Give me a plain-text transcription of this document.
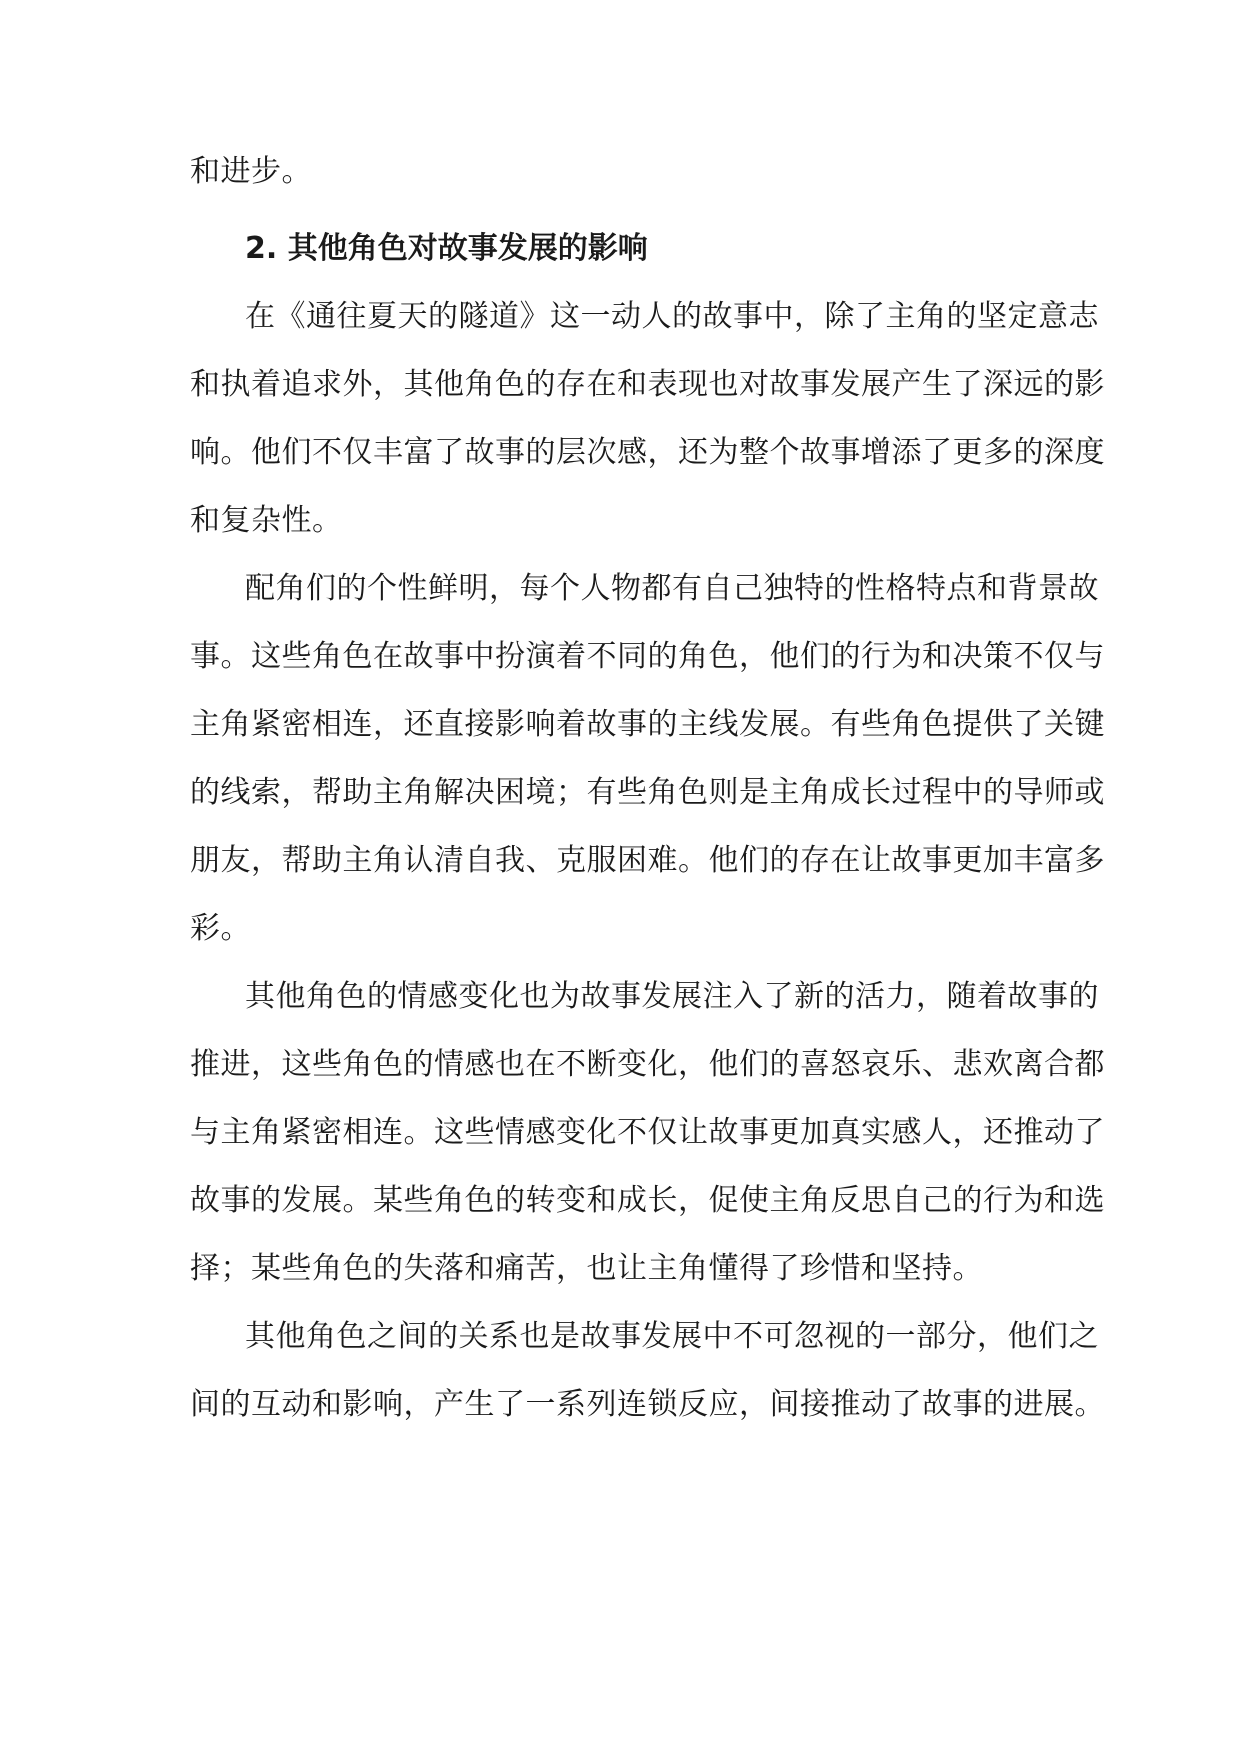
和进步。
2. 其他角色对故事发展的影响
在《通往夏天的隧道》这一动人的故事中，除了主角的坚定意志
和执着追求外，其他角色的存在和表现也对故事发展产生了深远的影
响。他们不仅丰富了故事的层次感，还为整个故事增添了更多的深度
和复杂性。
配角们的个性鲜明，每个人物都有自己独特的性格特点和背景故
事。这些角色在故事中扮演着不同的角色，他们的行为和决策不仅与
主角紧密相连，还直接影响着故事的主线发展。有些角色提供了关键
的线索，帮助主角解决困境；有些角色则是主角成长过程中的导师或
朋友，帮助主角认清自我、克服困难。他们的存在让故事更加丰富多
彩。
其他角色的情感变化也为故事发展注入了新的活力，随着故事的
推进，这些角色的情感也在不断变化，他们的喜怒哀乐、悲欢离合都
与主角紧密相连。这些情感变化不仅让故事更加真实感人，还推动了
故事的发展。某些角色的转变和成长，促使主角反思自己的行为和选
择；某些角色的失落和痛苦，也让主角懂得了珍惜和坚持。
其他角色之间的关系也是故事发展中不可忽视的一部分，他们之
间的互动和影响，产生了一系列连锁反应，间接推动了故事的进展。
